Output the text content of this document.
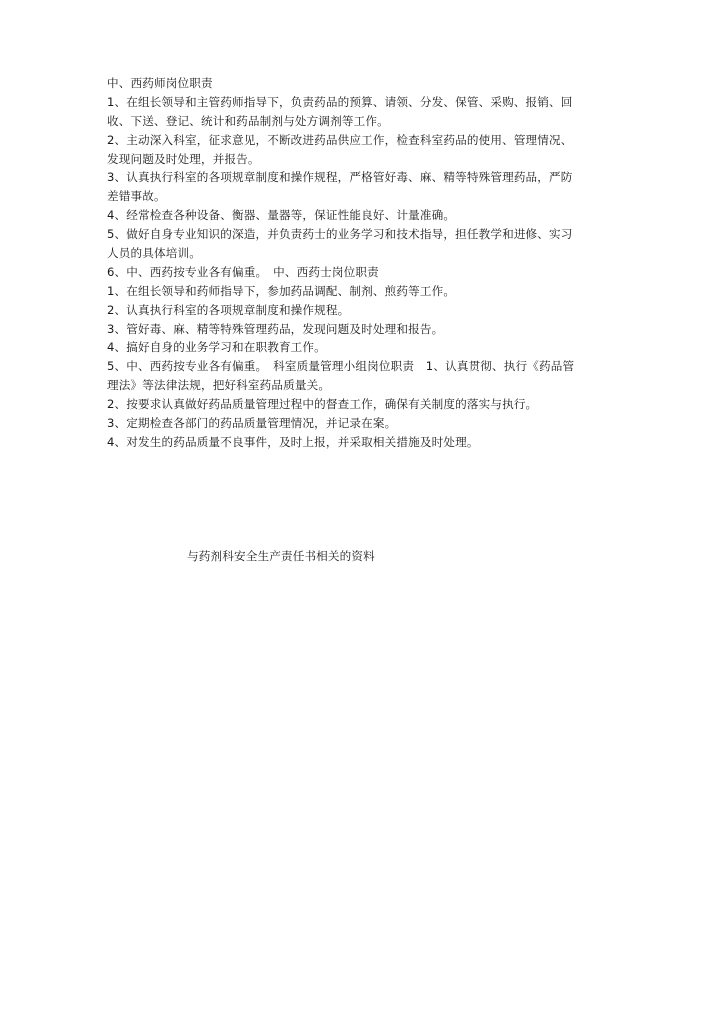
中、西药师岗位职责
1、在组长领导和主管药师指导下，负责药品的预算、请领、分发、保管、采购、报销、回
收、下送、登记、统计和药品制剂与处方调剂等工作。
2、主动深入科室，征求意见，不断改进药品供应工作，检查科室药品的使用、管理情况、
发现问题及时处理，并报告。
3、认真执行科室的各项规章制度和操作规程，严格管好毒、麻、精等特殊管理药品，严防
差错事故。
4、经常检查各种设备、衡器、量器等，保证性能良好、计量准确。
5、做好自身专业知识的深造，并负责药士的业务学习和技术指导，担任教学和进修、实习
人员的具体培训。
6、中、西药按专业各有偏重。　中、西药士岗位职责
1、在组长领导和药师指导下，参加药品调配、制剂、煎药等工作。
2、认真执行科室的各项规章制度和操作规程。
3、管好毒、麻、精等特殊管理药品，发现问题及时处理和报告。
4、搞好自身的业务学习和在职教育工作。
5、中、西药按专业各有偏重。　科室质量管理小组岗位职责　1、认真贯彻、执行《药品管
理法》等法律法规，把好科室药品质量关。
2、按要求认真做好药品质量管理过程中的督查工作，确保有关制度的落实与执行。
3、定期检查各部门的药品质量管理情况，并记录在案。
4、对发生的药品质量不良事件，及时上报，并采取相关措施及时处理。
与药剂科安全生产责任书相关的资料
